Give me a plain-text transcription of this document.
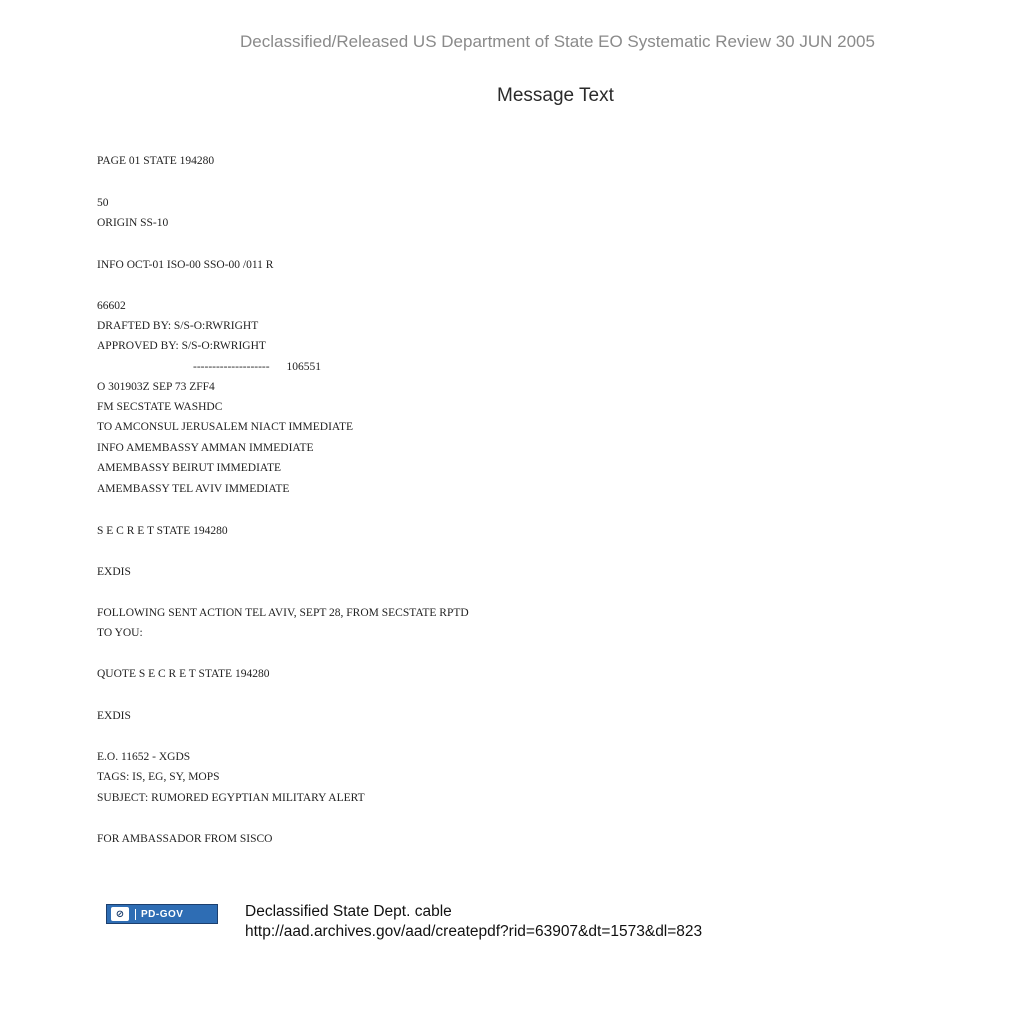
Declassified/Released US Department of State EO Systematic Review 30 JUN 2005
Message Text
PAGE 01 STATE 194280
50
ORIGIN SS-10
INFO OCT-01 ISO-00 SSO-00 /011 R
66602
DRAFTED BY: S/S-O:RWRIGHT
APPROVED BY: S/S-O:RWRIGHT
-------------------- 106551
O 301903Z SEP 73 ZFF4
FM SECSTATE WASHDC
TO AMCONSUL JERUSALEM NIACT IMMEDIATE
INFO AMEMBASSY AMMAN IMMEDIATE
AMEMBASSY BEIRUT IMMEDIATE
AMEMBASSY TEL AVIV IMMEDIATE
S E C R E T STATE 194280
EXDIS
FOLLOWING SENT ACTION TEL AVIV, SEPT 28, FROM SECSTATE RPTD
TO YOU:
QUOTE S E C R E T STATE 194280
EXDIS
E.O. 11652 - XGDS
TAGS: IS, EG, SY, MOPS
SUBJECT: RUMORED EGYPTIAN MILITARY ALERT
FOR AMBASSADOR FROM SISCO
⊘	PD-GOV	Declassified State Dept. cable
http://aad.archives.gov/aad/createpdf?rid=63907&dt=1573&dl=823
